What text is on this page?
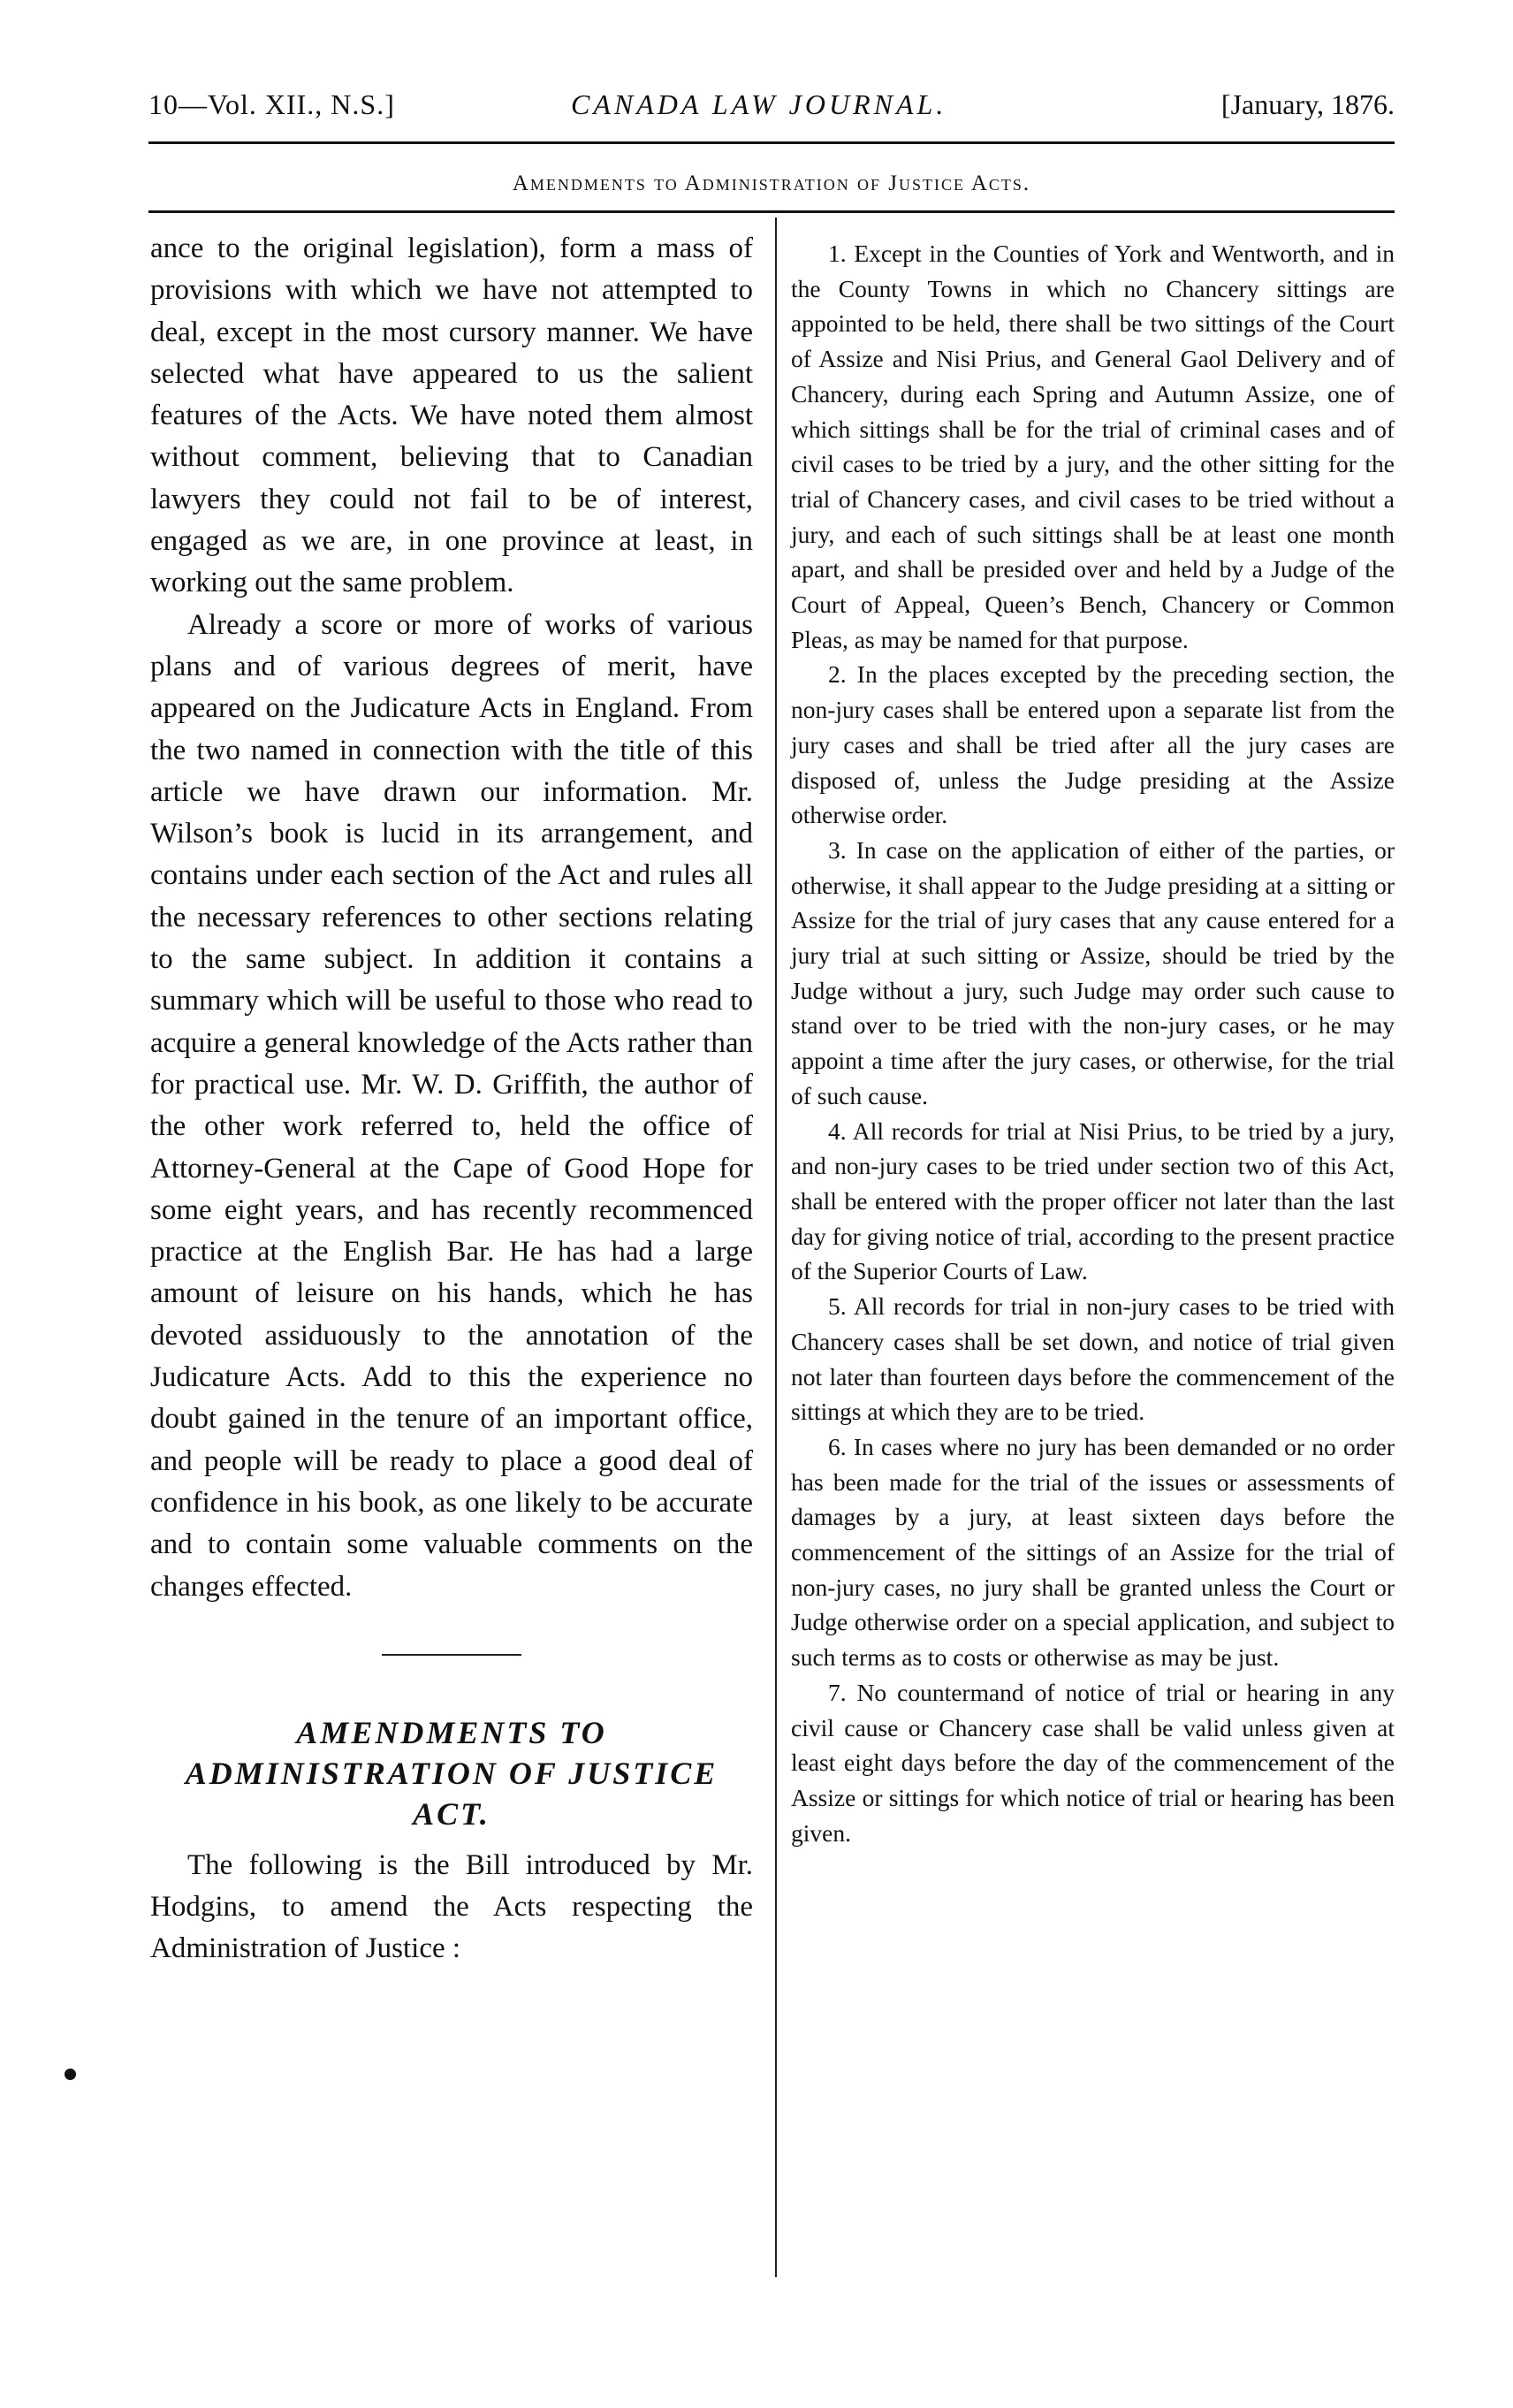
10—Vol. XII., N.S.]	CANADA LAW JOURNAL.	[January, 1876.
Amendments to Administration of Justice Acts.

ance to the original legislation), form a mass of provisions with which we have not attempted to deal, except in the most cursory manner. We have selected what have appeared to us the salient features of the Acts. We have noted them almost without comment, believing that to Canadian lawyers they could not fail to be of interest, engaged as we are, in one province at least, in working out the same problem.

Already a score or more of works of various plans and of various degrees of merit, have appeared on the Judicature Acts in England. From the two named in connection with the title of this article we have drawn our information. Mr. Wilson’s book is lucid in its arrangement, and contains under each section of the Act and rules all the necessary references to other sections relating to the same subject. In addition it contains a summary which will be useful to those who read to acquire a general knowledge of the Acts rather than for practical use. Mr. W. D. Griffith, the author of the other work referred to, held the office of Attorney-General at the Cape of Good Hope for some eight years, and has recently recommenced practice at the English Bar. He has had a large amount of leisure on his hands, which he has devoted assiduously to the annotation of the Judicature Acts. Add to this the experience no doubt gained in the tenure of an important office, and people will be ready to place a good deal of confidence in his book, as one likely to be accurate and to contain some valuable comments on the changes effected.

AMENDMENTS TO ADMINISTRATION OF JUSTICE ACT.

The following is the Bill introduced by Mr. Hodgins, to amend the Acts respecting the Administration of Justice :

1. Except in the Counties of York and Wentworth, and in the County Towns in which no Chancery sittings are appointed to be held, there shall be two sittings of the Court of Assize and Nisi Prius, and General Gaol Delivery and of Chancery, during each Spring and Autumn Assize, one of which sittings shall be for the trial of criminal cases and of civil cases to be tried by a jury, and the other sitting for the trial of Chancery cases, and civil cases to be tried without a jury, and each of such sittings shall be at least one month apart, and shall be presided over and held by a Judge of the Court of Appeal, Queen’s Bench, Chancery or Common Pleas, as may be named for that purpose.

2. In the places excepted by the preceding section, the non-jury cases shall be entered upon a separate list from the jury cases and shall be tried after all the jury cases are disposed of, unless the Judge presiding at the Assize otherwise order.

3. In case on the application of either of the parties, or otherwise, it shall appear to the Judge presiding at a sitting or Assize for the trial of jury cases that any cause entered for a jury trial at such sitting or Assize, should be tried by the Judge without a jury, such Judge may order such cause to stand over to be tried with the non-jury cases, or he may appoint a time after the jury cases, or otherwise, for the trial of such cause.

4. All records for trial at Nisi Prius, to be tried by a jury, and non-jury cases to be tried under section two of this Act, shall be entered with the proper officer not later than the last day for giving notice of trial, according to the present practice of the Superior Courts of Law.

5. All records for trial in non-jury cases to be tried with Chancery cases shall be set down, and notice of trial given not later than fourteen days before the commencement of the sittings at which they are to be tried.

6. In cases where no jury has been demanded or no order has been made for the trial of the issues or assessments of damages by a jury, at least sixteen days before the commencement of the sittings of an Assize for the trial of non-jury cases, no jury shall be granted unless the Court or Judge otherwise order on a special application, and subject to such terms as to costs or otherwise as may be just.

7. No countermand of notice of trial or hearing in any civil cause or Chancery case shall be valid unless given at least eight days before the day of the commencement of the Assize or sittings for which notice of trial or hearing has been given.
